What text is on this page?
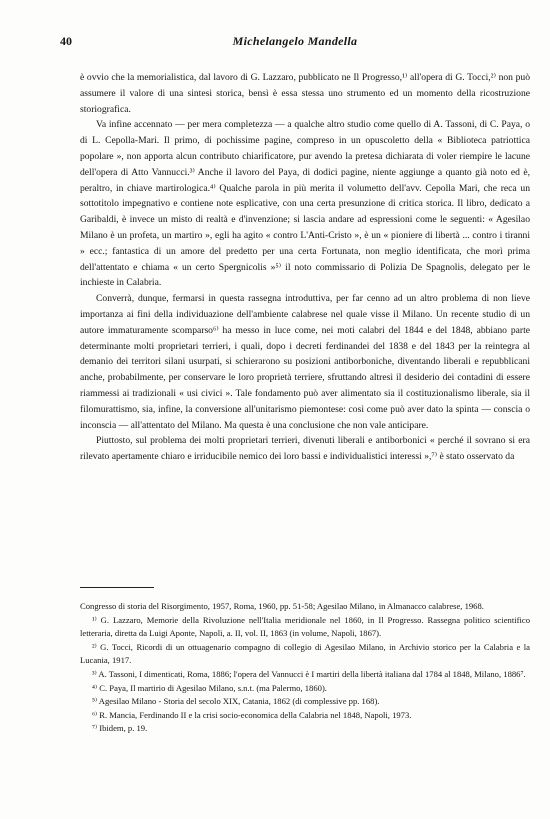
40	Michelangelo Mandella

è ovvio che la memorialistica, dal lavoro di G. Lazzaro, pubblicato ne Il Progresso,¹⁾ all'opera di G. Tocci,²⁾ non può assumere il valore di una sintesi storica, bensì è essa stessa uno strumento ed un momento della ricostruzione storiografica.

Va infine accennato — per mera completezza — a qualche altro studio come quello di A. Tassoni, di C. Paya, o di L. Cepolla-Mari. Il primo, di pochissime pagine, compreso in un opuscoletto della « Biblioteca patriottica popolare », non apporta alcun contributo chiarificatore, pur avendo la pretesa dichiarata di voler riempire le lacune dell'opera di Atto Vannucci.³⁾ Anche il lavoro del Paya, di dodici pagine, niente aggiunge a quanto già noto ed è, peraltro, in chiave martirologica.⁴⁾ Qualche parola in più merita il volumetto dell'avv. Cepolla Mari, che reca un sottotitolo impegnativo e contiene note esplicative, con una certa presunzione di critica storica. Il libro, dedicato a Garibaldi, è invece un misto di realtà e d'invenzione; si lascia andare ad espressioni come le seguenti: « Agesilao Milano è un profeta, un martiro », egli ha agito « contro L'Anti-Cristo », è un « pioniere di libertà ... contro i tiranni » ecc.; fantastica di un amore del predetto per una certa Fortunata, non meglio identificata, che morì prima dell'attentato e chiama « un certo Spergnicolis »⁵⁾ il noto commissario di Polizia De Spagnolis, delegato per le inchieste in Calabria.

Converrà, dunque, fermarsi in questa rassegna introduttiva, per far cenno ad un altro problema di non lieve importanza ai fini della individuazione dell'ambiente calabrese nel quale visse il Milano. Un recente studio di un autore immaturamente scomparso⁶⁾ ha messo in luce come, nei moti calabri del 1844 e del 1848, abbiano parte determinante molti proprietari terrieri, i quali, dopo i decreti ferdinandei del 1838 e del 1843 per la reintegra al demanio dei territori silani usurpati, si schierarono su posizioni antiborboniche, diventando liberali e repubblicani anche, probabilmente, per conservare le loro proprietà terriere, sfruttando altresì il desiderio dei contadini di essere riammessi ai tradizionali « usi civici ». Tale fondamento può aver alimentato sia il costituzionalismo liberale, sia il filomurattismo, sia, infine, la conversione all'unitarismo piemontese: così come può aver dato la spinta — conscia o inconscia — all'attentato del Milano. Ma questa è una conclusione che non vale anticipare.

Piuttosto, sul problema dei molti proprietari terrieri, divenuti liberali e antiborbonici « perché il sovrano si era rilevato apertamente chiaro e irriducibile nemico dei loro bassi e individualistici interessi »,⁷⁾ è stato osservato da

Congresso di storia del Risorgimento, 1957, Roma, 1960, pp. 51-58; Agesilao Milano, in Almanacco calabrese, 1968.

¹⁾ G. Lazzaro, Memorie della Rivoluzione nell'Italia meridionale nel 1860, in Il Progresso. Rassegna politico scientifico letteraria, diretta da Luigi Aponte, Napoli, a. II, vol. II, 1863 (in volume, Napoli, 1867).

²⁾ G. Tocci, Ricordi di un ottuagenario compagno di collegio di Agesilao Milano, in Archivio storico per la Calabria e la Lucania, 1917.

³⁾ A. Tassoni, I dimenticati, Roma, 1886; l'opera del Vannucci è I martiri della libertà italiana dal 1784 al 1848, Milano, 1886⁷.

⁴⁾ C. Paya, Il martirio di Agesilao Milano, s.n.t. (ma Palermo, 1860).

⁵⁾ Agesilao Milano - Storia del secolo XIX, Catania, 1862 (di complessive pp. 168).

⁶⁾ R. Mancia, Ferdinando II e la crisi socio-economica della Calabria nel 1848, Napoli, 1973.

⁷⁾ Ibidem, p. 19.
